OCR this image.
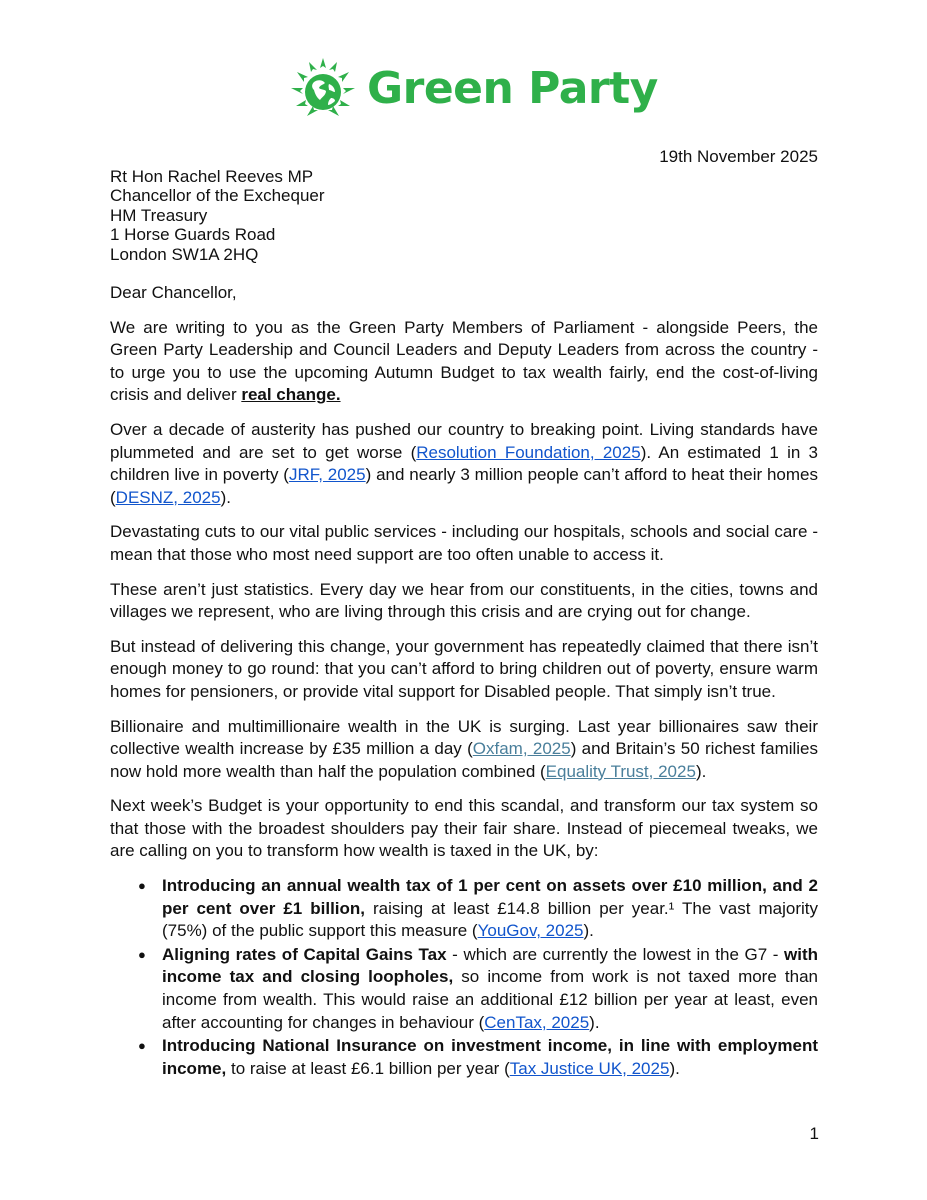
Green Party
19th November 2025
Rt Hon Rachel Reeves MP
Chancellor of the Exchequer
HM Treasury
1 Horse Guards Road
London SW1A 2HQ

Dear Chancellor,

We are writing to you as the Green Party Members of Parliament - alongside Peers, the Green Party Leadership and Council Leaders and Deputy Leaders from across the country - to urge you to use the upcoming Autumn Budget to tax wealth fairly, end the cost-of-living crisis and deliver real change.

Over a decade of austerity has pushed our country to breaking point. Living standards have plummeted and are set to get worse (Resolution Foundation, 2025). An estimated 1 in 3 children live in poverty (JRF, 2025) and nearly 3 million people can’t afford to heat their homes (DESNZ, 2025).

Devastating cuts to our vital public services - including our hospitals, schools and social care - mean that those who most need support are too often unable to access it.

These aren’t just statistics. Every day we hear from our constituents, in the cities, towns and villages we represent, who are living through this crisis and are crying out for change.

But instead of delivering this change, your government has repeatedly claimed that there isn’t enough money to go round: that you can’t afford to bring children out of poverty, ensure warm homes for pensioners, or provide vital support for Disabled people. That simply isn’t true.

Billionaire and multimillionaire wealth in the UK is surging. Last year billionaires saw their collective wealth increase by £35 million a day (Oxfam, 2025) and Britain’s 50 richest families now hold more wealth than half the population combined (Equality Trust, 2025).

Next week’s Budget is your opportunity to end this scandal, and transform our tax system so that those with the broadest shoulders pay their fair share. Instead of piecemeal tweaks, we are calling on you to transform how wealth is taxed in the UK, by:

● Introducing an annual wealth tax of 1 per cent on assets over £10 million, and 2 per cent over £1 billion, raising at least £14.8 billion per year.¹ The vast majority (75%) of the public support this measure (YouGov, 2025).
● Aligning rates of Capital Gains Tax - which are currently the lowest in the G7 - with income tax and closing loopholes, so income from work is not taxed more than income from wealth. This would raise an additional £12 billion per year at least, even after accounting for changes in behaviour (CenTax, 2025).
● Introducing National Insurance on investment income, in line with employment income, to raise at least £6.1 billion per year (Tax Justice UK, 2025).
1
